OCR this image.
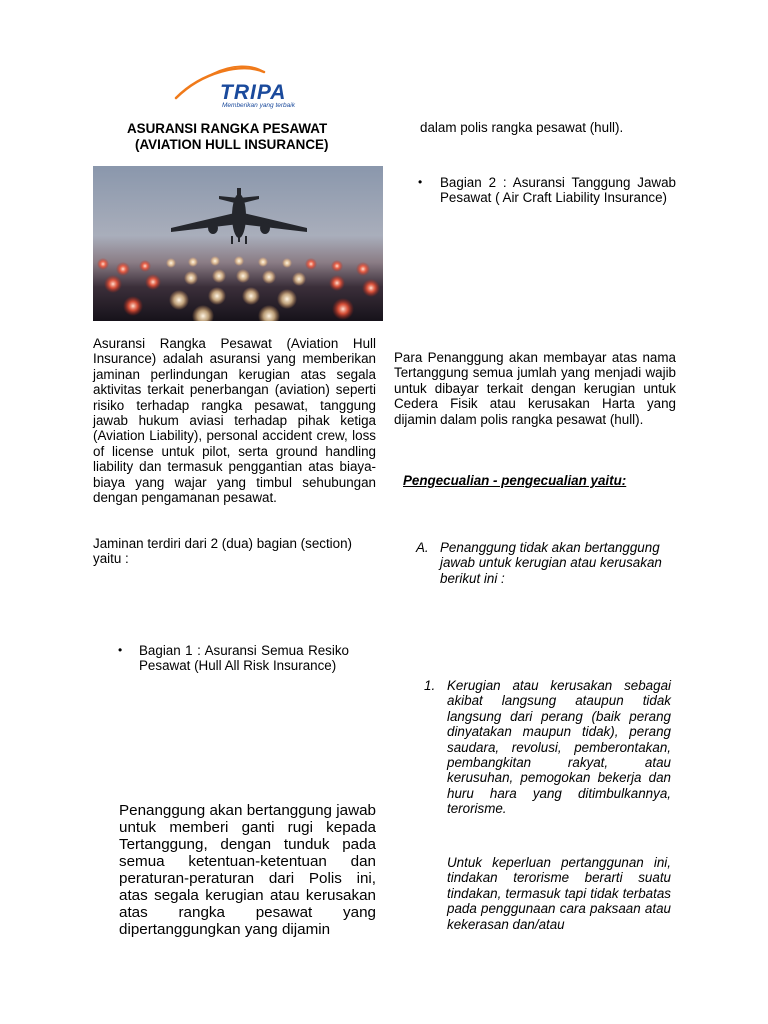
TRIPA
Memberikan yang terbaik
ASURANSI RANGKA PESAWAT
(AVIATION HULL INSURANCE)
Asuransi Rangka Pesawat (Aviation Hull Insurance) adalah asuransi yang memberikan jaminan perlindungan kerugian atas segala aktivitas terkait penerbangan (aviation) seperti risiko terhadap rangka pesawat, tanggung jawab hukum aviasi terhadap pihak ketiga (Aviation Liability), personal accident crew, loss of license untuk pilot, serta ground handling liability dan termasuk penggantian atas biaya-biaya yang wajar yang timbul sehubungan dengan pengamanan pesawat.
Jaminan terdiri dari 2 (dua) bagian (section) yaitu :
• Bagian 1 : Asuransi Semua Resiko Pesawat (Hull All Risk Insurance)
Penanggung akan bertanggung jawab untuk memberi ganti rugi kepada Tertanggung, dengan tunduk pada semua ketentuan-ketentuan dan peraturan-peraturan dari Polis ini, atas segala kerugian atau kerusakan atas rangka pesawat yang dipertanggungkan yang dijamin
dalam polis rangka pesawat (hull).
• Bagian 2 : Asuransi Tanggung Jawab Pesawat ( Air Craft Liability Insurance)
Para Penanggung akan membayar atas nama Tertanggung semua jumlah yang menjadi wajib untuk dibayar terkait dengan kerugian untuk Cedera Fisik atau kerusakan Harta yang dijamin dalam polis rangka pesawat (hull).
Pengecualian - pengecualian yaitu:
A. Penanggung tidak akan bertanggung jawab untuk kerugian atau kerusakan berikut ini :
1. Kerugian atau kerusakan sebagai akibat langsung ataupun tidak langsung dari perang (baik perang dinyatakan maupun tidak), perang saudara, revolusi, pemberontakan, pembangkitan rakyat, atau kerusuhan, pemogokan bekerja dan huru hara yang ditimbulkannya, terorisme.
Untuk keperluan pertanggunan ini, tindakan terorisme berarti suatu tindakan, termasuk tapi tidak terbatas pada penggunaan cara paksaan atau kekerasan dan/atau
